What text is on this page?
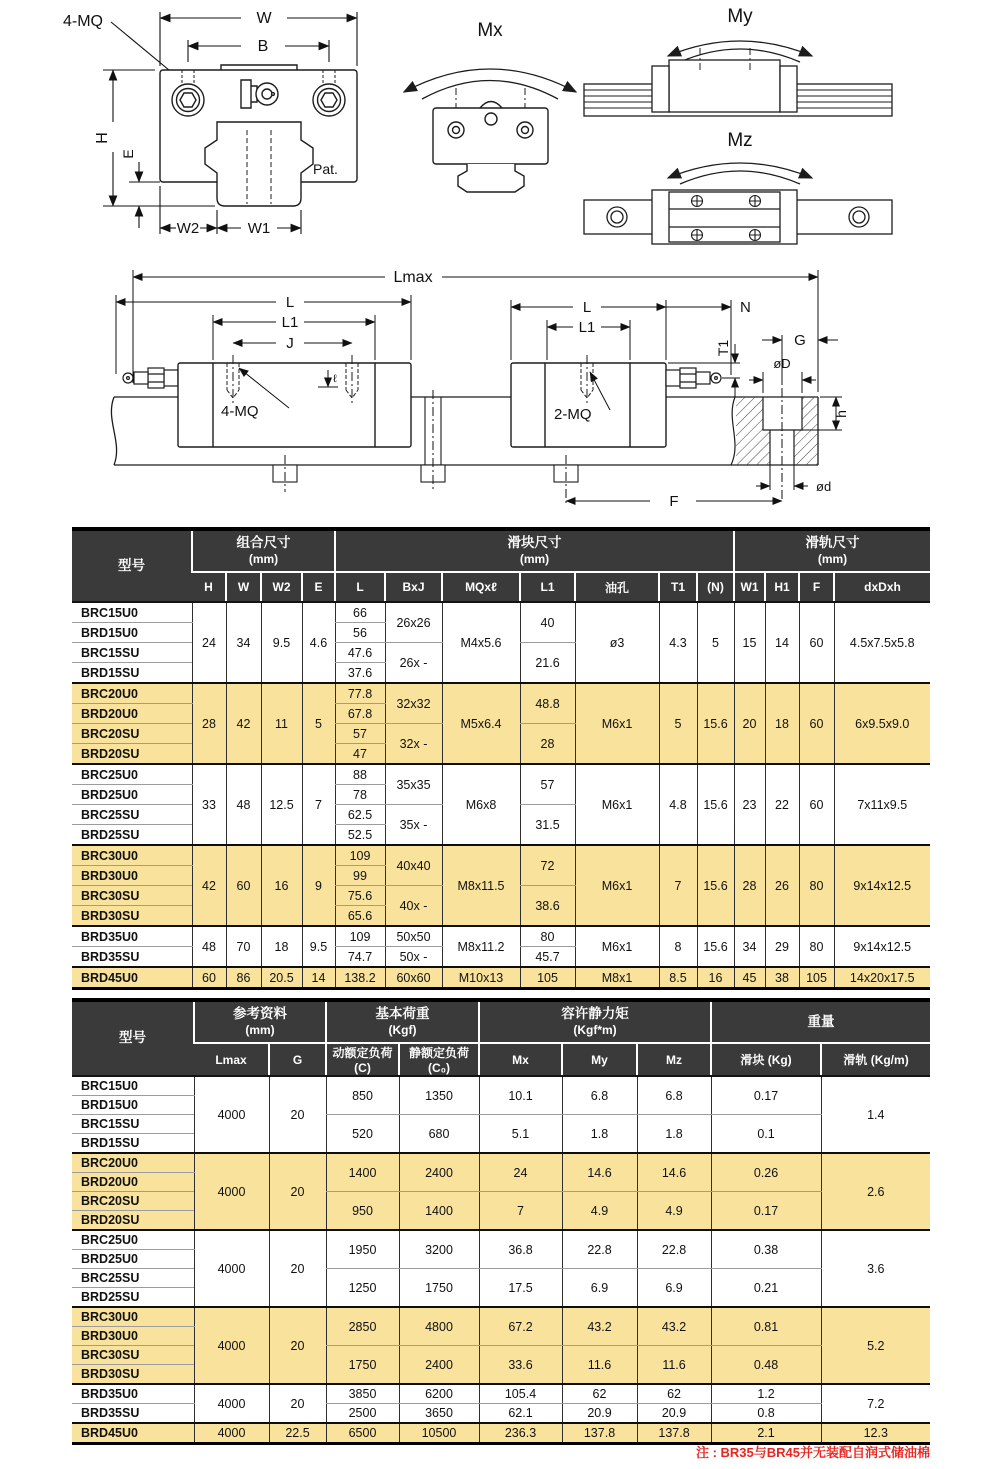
4-MQ	W
B
H
E
W2	W1
Pat.
Mx
My
Mz
Lmax
L
L1
J
4-MQ
ℓ
L
L1
2-MQ
N
T1	G
øD
h
ød
F
型号	
组合尺寸
(mm)

滑块尺寸
(mm)

滑轨尺寸
(mm)

	H	W	W2	E	L	BxJ	MQxℓ	L1	油孔	T1	(N)	W1	H1	F	dxDxh
BRC15U0	24	34	9.5	4.6	66	26x26	M4x5.6	40	ø3	4.3	5	15	14	60	4.5x7.5x5.8
BRD15U0					56										
BRC15SU					47.6	26x -		21.6							
BRD15SU					37.6										
BRC20U0	28	42	11	5	77.8	32x32	M5x6.4	48.8	M6x1	5	15.6	20	18	60	6x9.5x9.0
BRD20U0					67.8										
BRC20SU					57	32x -		28							
BRD20SU					47										
BRC25U0	33	48	12.5	7	88	35x35	M6x8	57	M6x1	4.8	15.6	23	22	60	7x11x9.5
BRD25U0					78										
BRC25SU					62.5	35x -		31.5							
BRD25SU					52.5										
BRC30U0	42	60	16	9	109	40x40	M8x11.5	72	M6x1	7	15.6	28	26	80	9x14x12.5
BRD30U0					99										
BRC30SU					75.6	40x -		38.6							
BRD30SU					65.6										
BRD35U0	48	70	18	9.5	109	50x50	M8x11.2	80	M6x1	8	15.6	34	29	80	9x14x12.5
BRD35SU					74.7	50x -		45.7							
BRD45U0	60	86	20.5	14	138.2	60x60	M10x13	105	M8x1	8.5	16	45	38	105	14x20x17.5
型号	
参考资料
(mm)

基本荷重
(Kgf)

容许静力矩
(Kgf*m)

重量

	Lmax	G	动额定负荷 (C)	静额定负荷 (C₀)	Mx	My	Mz	滑块 (Kg)	滑轨 (Kg/m)
BRC15U0	4000	20	850	1350	10.1	6.8	6.8	0.17	1.4
BRD15U0									
BRC15SU			520	680	5.1	1.8	1.8	0.1	
BRD15SU									
BRC20U0	4000	20	1400	2400	24	14.6	14.6	0.26	2.6
BRD20U0									
BRC20SU			950	1400	7	4.9	4.9	0.17	
BRD20SU									
BRC25U0	4000	20	1950	3200	36.8	22.8	22.8	0.38	3.6
BRD25U0									
BRC25SU			1250	1750	17.5	6.9	6.9	0.21	
BRD25SU									
BRC30U0	4000	20	2850	4800	67.2	43.2	43.2	0.81	5.2
BRD30U0									
BRC30SU			1750	2400	33.6	11.6	11.6	0.48	
BRD30SU									
BRD35U0	4000	20	3850	6200	105.4	62	62	1.2	7.2
BRD35SU			2500	3650	62.1	20.9	20.9	0.8	
BRD45U0	4000	22.5	6500	10500	236.3	137.8	137.8	2.1	12.3
注 : BR35与BR45并无装配自润式储油棉
